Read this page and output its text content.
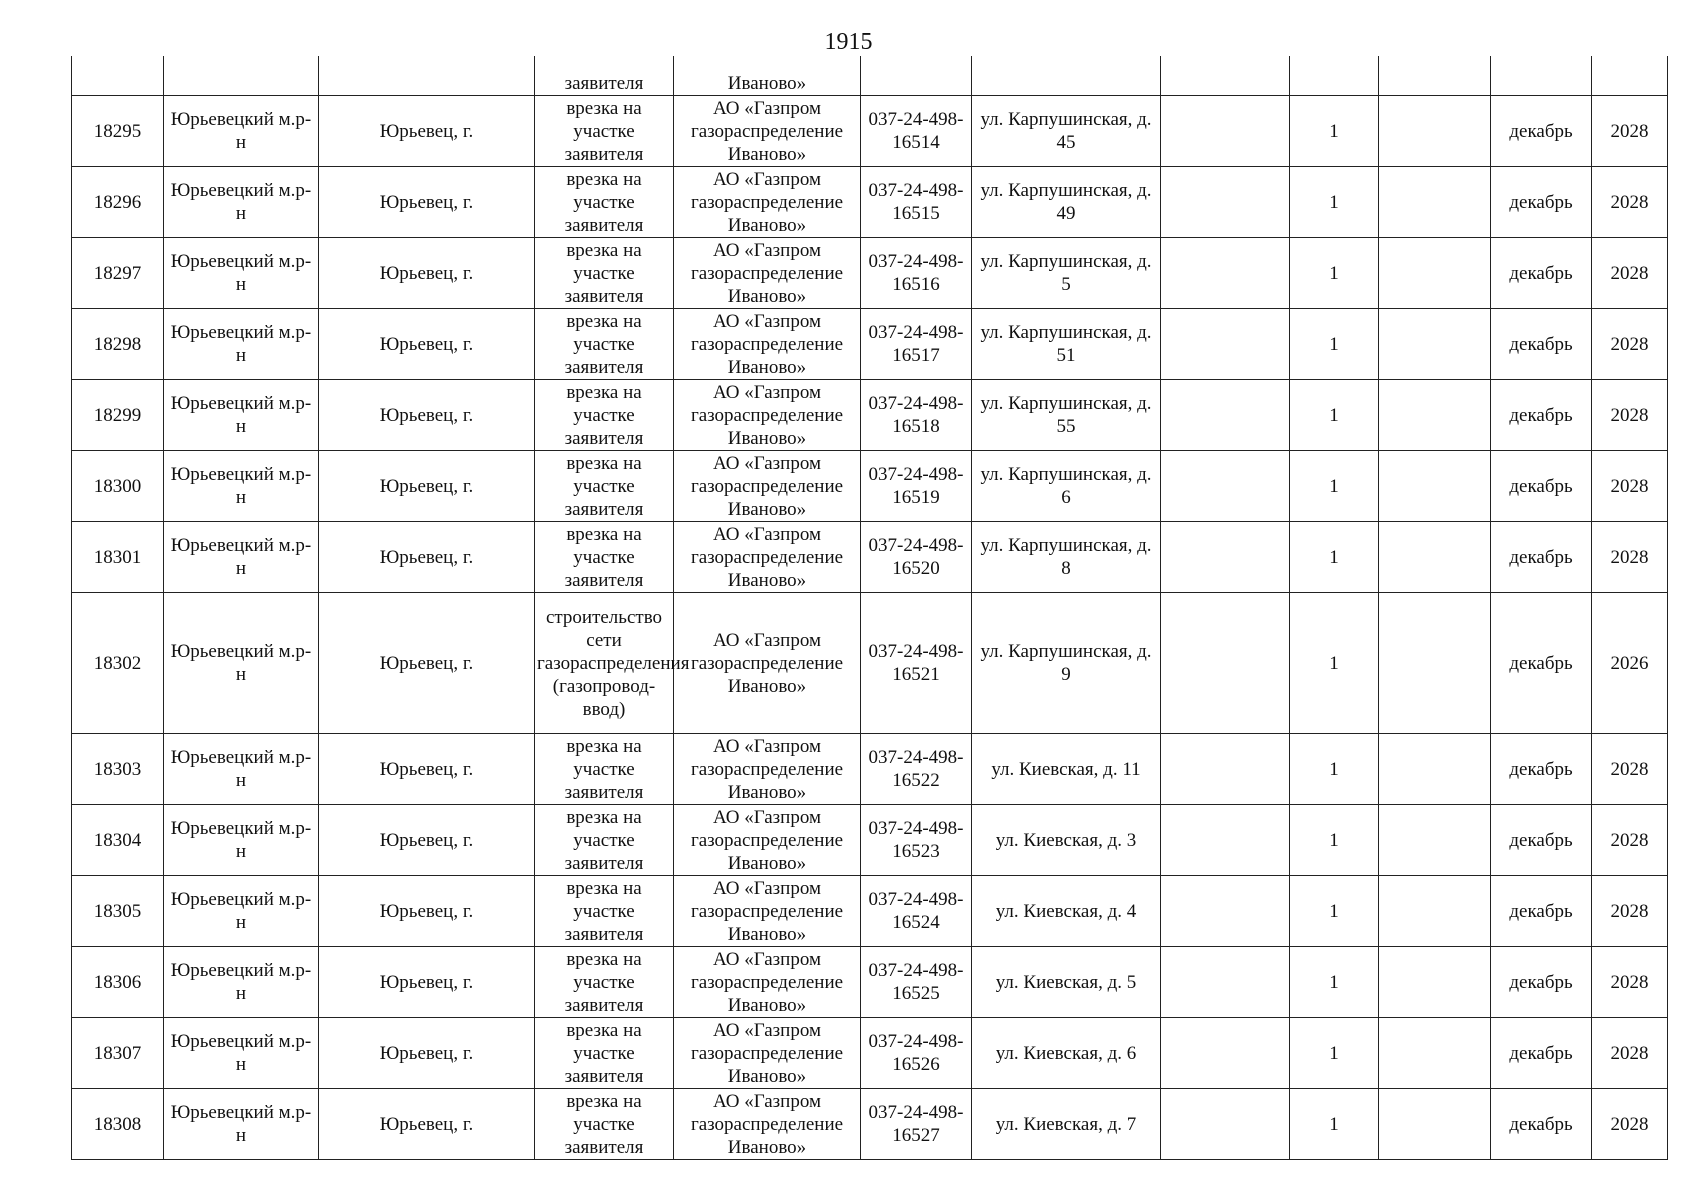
1915
			заявителя	Иваново»							
18295	Юрьевецкий м.р-н	Юрьевец, г.	врезка на участке заявителя	АО «Газпром газораспределение Иваново»	037-24-498-16514	ул. Карпушинская, д. 45		1		декабрь	2028
18296	Юрьевецкий м.р-н	Юрьевец, г.	врезка на участке заявителя	АО «Газпром газораспределение Иваново»	037-24-498-16515	ул. Карпушинская, д. 49		1		декабрь	2028
18297	Юрьевецкий м.р-н	Юрьевец, г.	врезка на участке заявителя	АО «Газпром газораспределение Иваново»	037-24-498-16516	ул. Карпушинская, д. 5		1		декабрь	2028
18298	Юрьевецкий м.р-н	Юрьевец, г.	врезка на участке заявителя	АО «Газпром газораспределение Иваново»	037-24-498-16517	ул. Карпушинская, д. 51		1		декабрь	2028
18299	Юрьевецкий м.р-н	Юрьевец, г.	врезка на участке заявителя	АО «Газпром газораспределение Иваново»	037-24-498-16518	ул. Карпушинская, д. 55		1		декабрь	2028
18300	Юрьевецкий м.р-н	Юрьевец, г.	врезка на участке заявителя	АО «Газпром газораспределение Иваново»	037-24-498-16519	ул. Карпушинская, д. 6		1		декабрь	2028
18301	Юрьевецкий м.р-н	Юрьевец, г.	врезка на участке заявителя	АО «Газпром газораспределение Иваново»	037-24-498-16520	ул. Карпушинская, д. 8		1		декабрь	2028
18302	Юрьевецкий м.р-н	Юрьевец, г.	строительство сети газораспределения (газопровод-ввод)	АО «Газпром газораспределение Иваново»	037-24-498-16521	ул. Карпушинская, д. 9		1		декабрь	2026
18303	Юрьевецкий м.р-н	Юрьевец, г.	врезка на участке заявителя	АО «Газпром газораспределение Иваново»	037-24-498-16522	ул. Киевская, д. 11		1		декабрь	2028
18304	Юрьевецкий м.р-н	Юрьевец, г.	врезка на участке заявителя	АО «Газпром газораспределение Иваново»	037-24-498-16523	ул. Киевская, д. 3		1		декабрь	2028
18305	Юрьевецкий м.р-н	Юрьевец, г.	врезка на участке заявителя	АО «Газпром газораспределение Иваново»	037-24-498-16524	ул. Киевская, д. 4		1		декабрь	2028
18306	Юрьевецкий м.р-н	Юрьевец, г.	врезка на участке заявителя	АО «Газпром газораспределение Иваново»	037-24-498-16525	ул. Киевская, д. 5		1		декабрь	2028
18307	Юрьевецкий м.р-н	Юрьевец, г.	врезка на участке заявителя	АО «Газпром газораспределение Иваново»	037-24-498-16526	ул. Киевская, д. 6		1		декабрь	2028
18308	Юрьевецкий м.р-н	Юрьевец, г.	врезка на участке заявителя	АО «Газпром газораспределение Иваново»	037-24-498-16527	ул. Киевская, д. 7		1		декабрь	2028
